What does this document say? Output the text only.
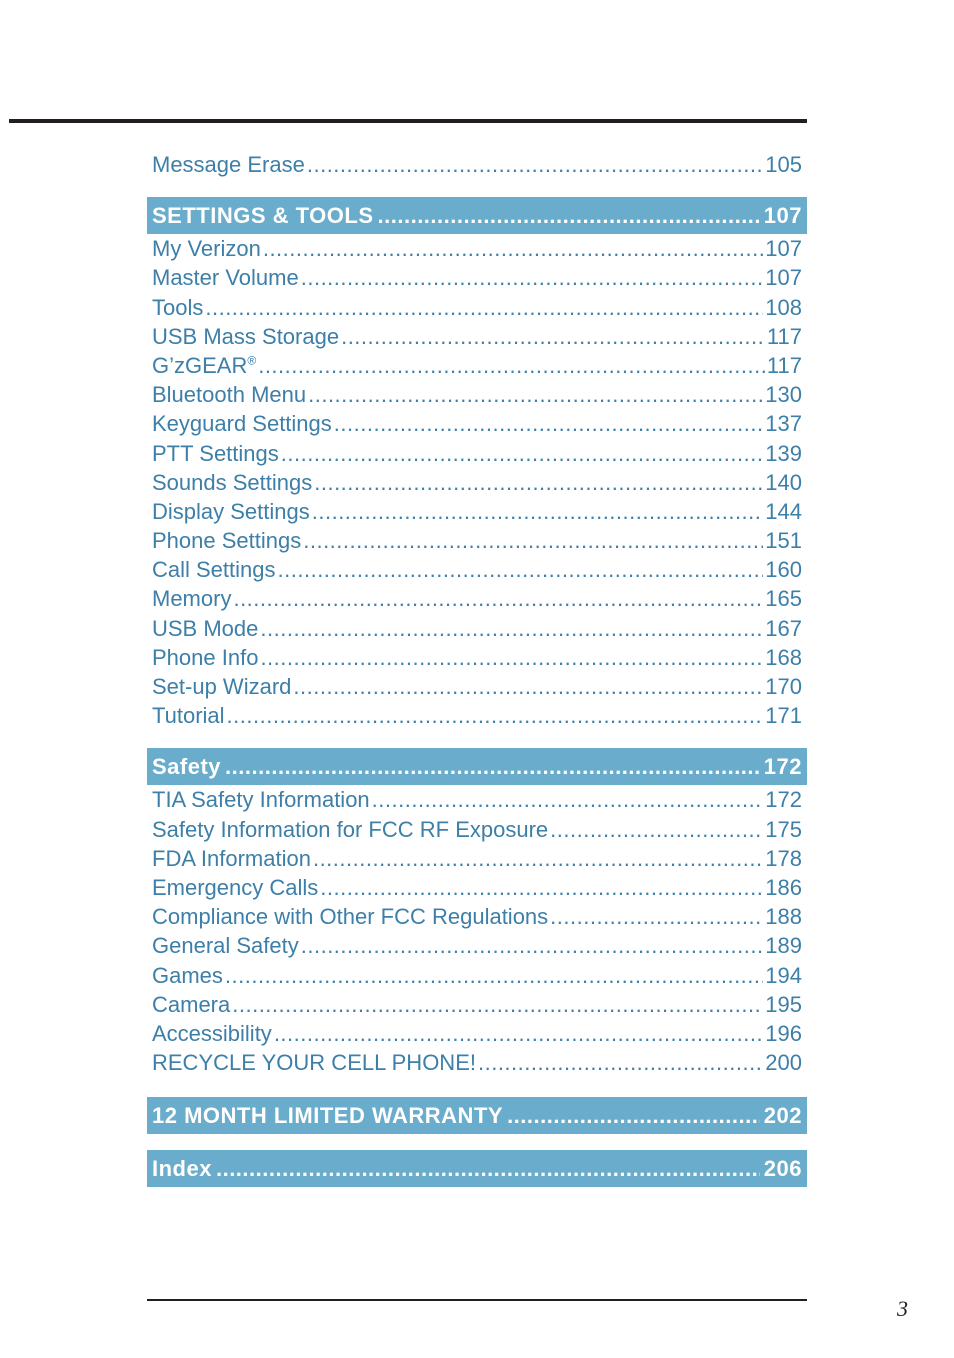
Message Erase .....	105
SETTINGS & TOOLS .....	107
My Verizon .....	107
Master Volume .....	107
Tools .....	108
USB Mass Storage .....	117
G’zGEAR® .....	117
Bluetooth Menu .....	130
Keyguard Settings .....	137
PTT Settings .....	139
Sounds Settings .....	140
Display Settings .....	144
Phone Settings .....	151
Call Settings .....	160
Memory .....	165
USB Mode .....	167
Phone Info .....	168
Set-up Wizard .....	170
Tutorial .....	171
Safety .....	172
TIA Safety Information .....	172
Safety Information for FCC RF Exposure .....	175
FDA Information .....	178
Emergency Calls .....	186
Compliance with Other FCC Regulations .....	188
General Safety .....	189
Games .....	194
Camera .....	195
Accessibility .....	196
RECYCLE YOUR CELL PHONE! .....	200
12 MONTH LIMITED WARRANTY .....	202
Index .....	206
3
